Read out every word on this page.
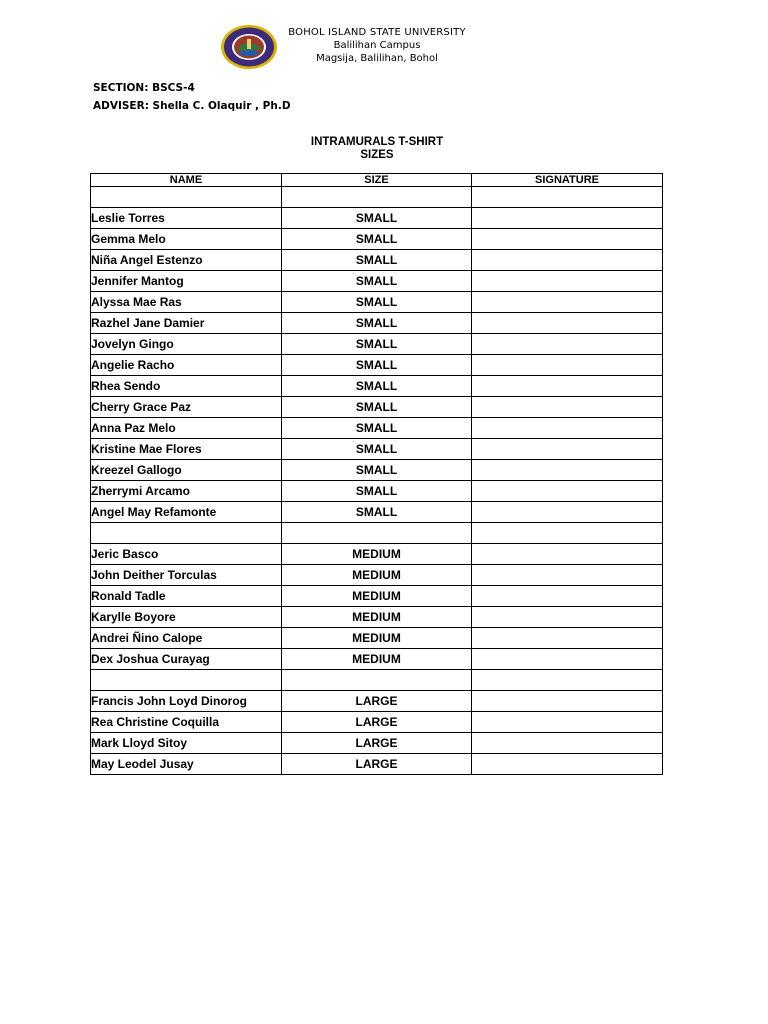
BOHOL ISLAND STATE UNIVERSITY
Balilihan Campus
Magsija, Balilihan, Bohol
SECTION: BSCS-4
ADVISER: Shella C. Olaquir , Ph.D
INTRAMURALS T-SHIRT
SIZES
NAME	SIZE	SIGNATURE

Leslie Torres	SMALL	
Gemma Melo	SMALL	
Niña Angel Estenzo	SMALL	
Jennifer Mantog	SMALL	
Alyssa Mae Ras	SMALL	
Razhel Jane Damier	SMALL	
Jovelyn Gingo	SMALL	
Angelie Racho	SMALL	
Rhea Sendo	SMALL	
Cherry Grace Paz	SMALL	
Anna Paz Melo	SMALL	
Kristine Mae Flores	SMALL	
Kreezel Gallogo	SMALL	
Zherrymi Arcamo	SMALL	
Angel May Refamonte	SMALL	

Jeric Basco	MEDIUM	
John Deither Torculas	MEDIUM	
Ronald Tadle	MEDIUM	
Karylle Boyore	MEDIUM	
Andrei Ñino Calope	MEDIUM	
Dex Joshua Curayag	MEDIUM	

Francis John Loyd Dinorog	LARGE	
Rea Christine Coquilla	LARGE	
Mark Lloyd Sitoy	LARGE	
May Leodel Jusay	LARGE	
